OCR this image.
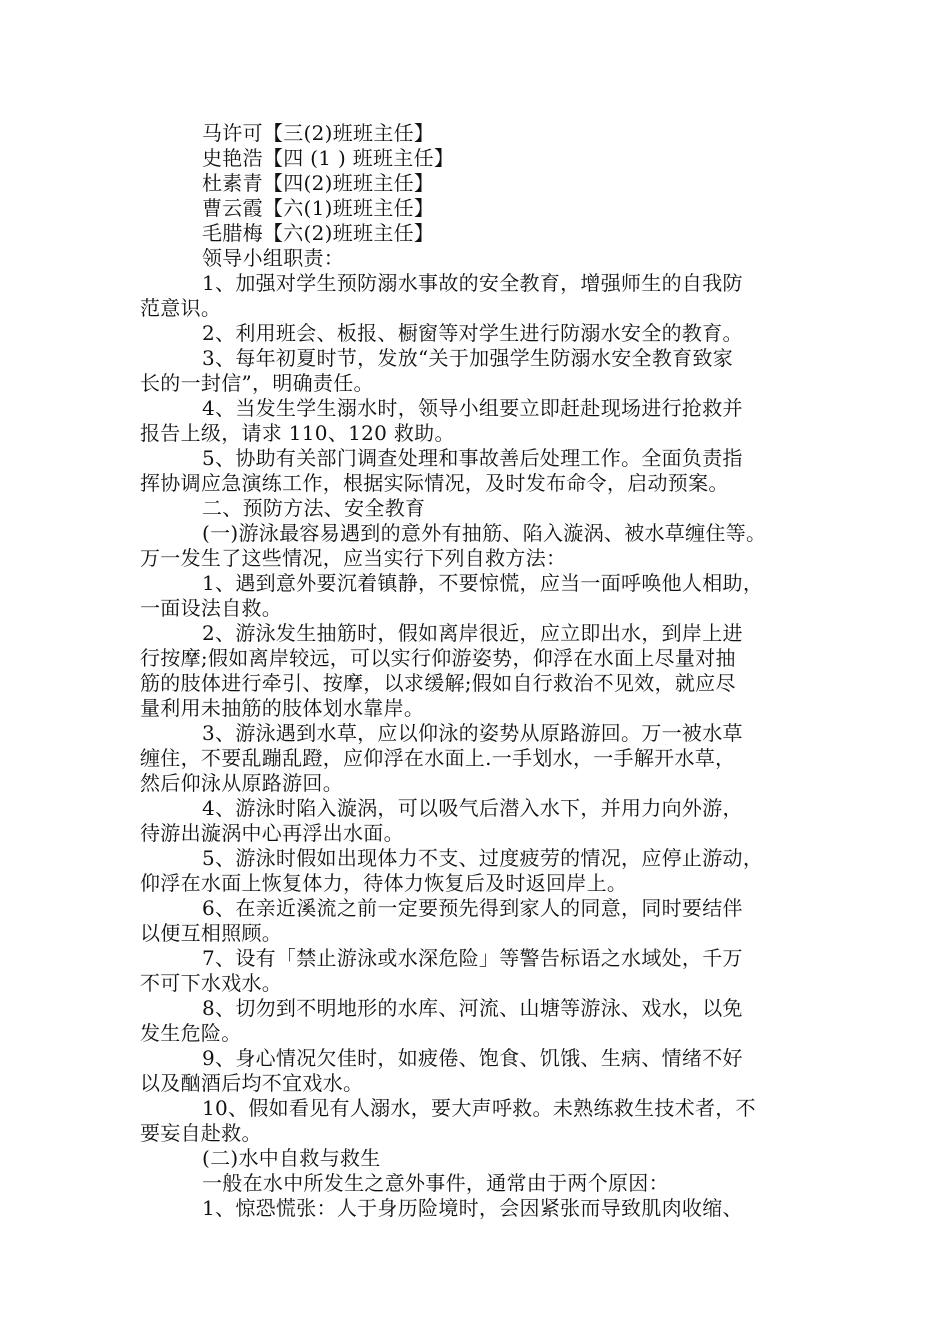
马许可【三(2)班班主任】
史艳浩【四 (1 ) 班班主任】
杜素青【四(2)班班主任】
曹云霞【六(1)班班主任】
毛腊梅【六(2)班班主任】
领导小组职责：
1、加强对学生预防溺水事故的安全教育，增强师生的自我防
范意识。
2、利用班会、板报、橱窗等对学生进行防溺水安全的教育。
3、每年初夏时节，发放“关于加强学生防溺水安全教育致家
长的一封信”，明确责任。
4、当发生学生溺水时，领导小组要立即赶赴现场进行抢救并
报告上级，请求 110、120 救助。
5、协助有关部门调查处理和事故善后处理工作。全面负责指
挥协调应急演练工作，根据实际情况，及时发布命令，启动预案。
二、预防方法、安全教育
(一)游泳最容易遇到的意外有抽筋、陷入漩涡、被水草缠住等。
万一发生了这些情况，应当实行下列自救方法：
1、遇到意外要沉着镇静，不要惊慌，应当一面呼唤他人相助，
一面设法自救。
2、游泳发生抽筋时，假如离岸很近，应立即出水，到岸上进
行按摩;假如离岸较远，可以实行仰游姿势，仰浮在水面上尽量对抽
筋的肢体进行牵引、按摩，以求缓解;假如自行救治不见效，就应尽
量利用未抽筋的肢体划水靠岸。
3、游泳遇到水草，应以仰泳的姿势从原路游回。万一被水草
缠住，不要乱蹦乱蹬，应仰浮在水面上.一手划水，一手解开水草，
然后仰泳从原路游回。
4、游泳时陷入漩涡，可以吸气后潜入水下，并用力向外游，
待游出漩涡中心再浮出水面。
5、游泳时假如出现体力不支、过度疲劳的情况，应停止游动，
仰浮在水面上恢复体力，待体力恢复后及时返回岸上。
6、在亲近溪流之前一定要预先得到家人的同意，同时要结伴
以便互相照顾。
7、设有「禁止游泳或水深危险」等警告标语之水域处，千万
不可下水戏水。
8、切勿到不明地形的水库、河流、山塘等游泳、戏水，以免
发生危险。
9、身心情况欠佳时，如疲倦、饱食、饥饿、生病、情绪不好
以及酗酒后均不宜戏水。
10、假如看见有人溺水，要大声呼救。未熟练救生技术者，不
要妄自赴救。
(二)水中自救与救生
一般在水中所发生之意外事件，通常由于两个原因：
1、惊恐慌张：人于身历险境时，会因紧张而导致肌肉收缩、
